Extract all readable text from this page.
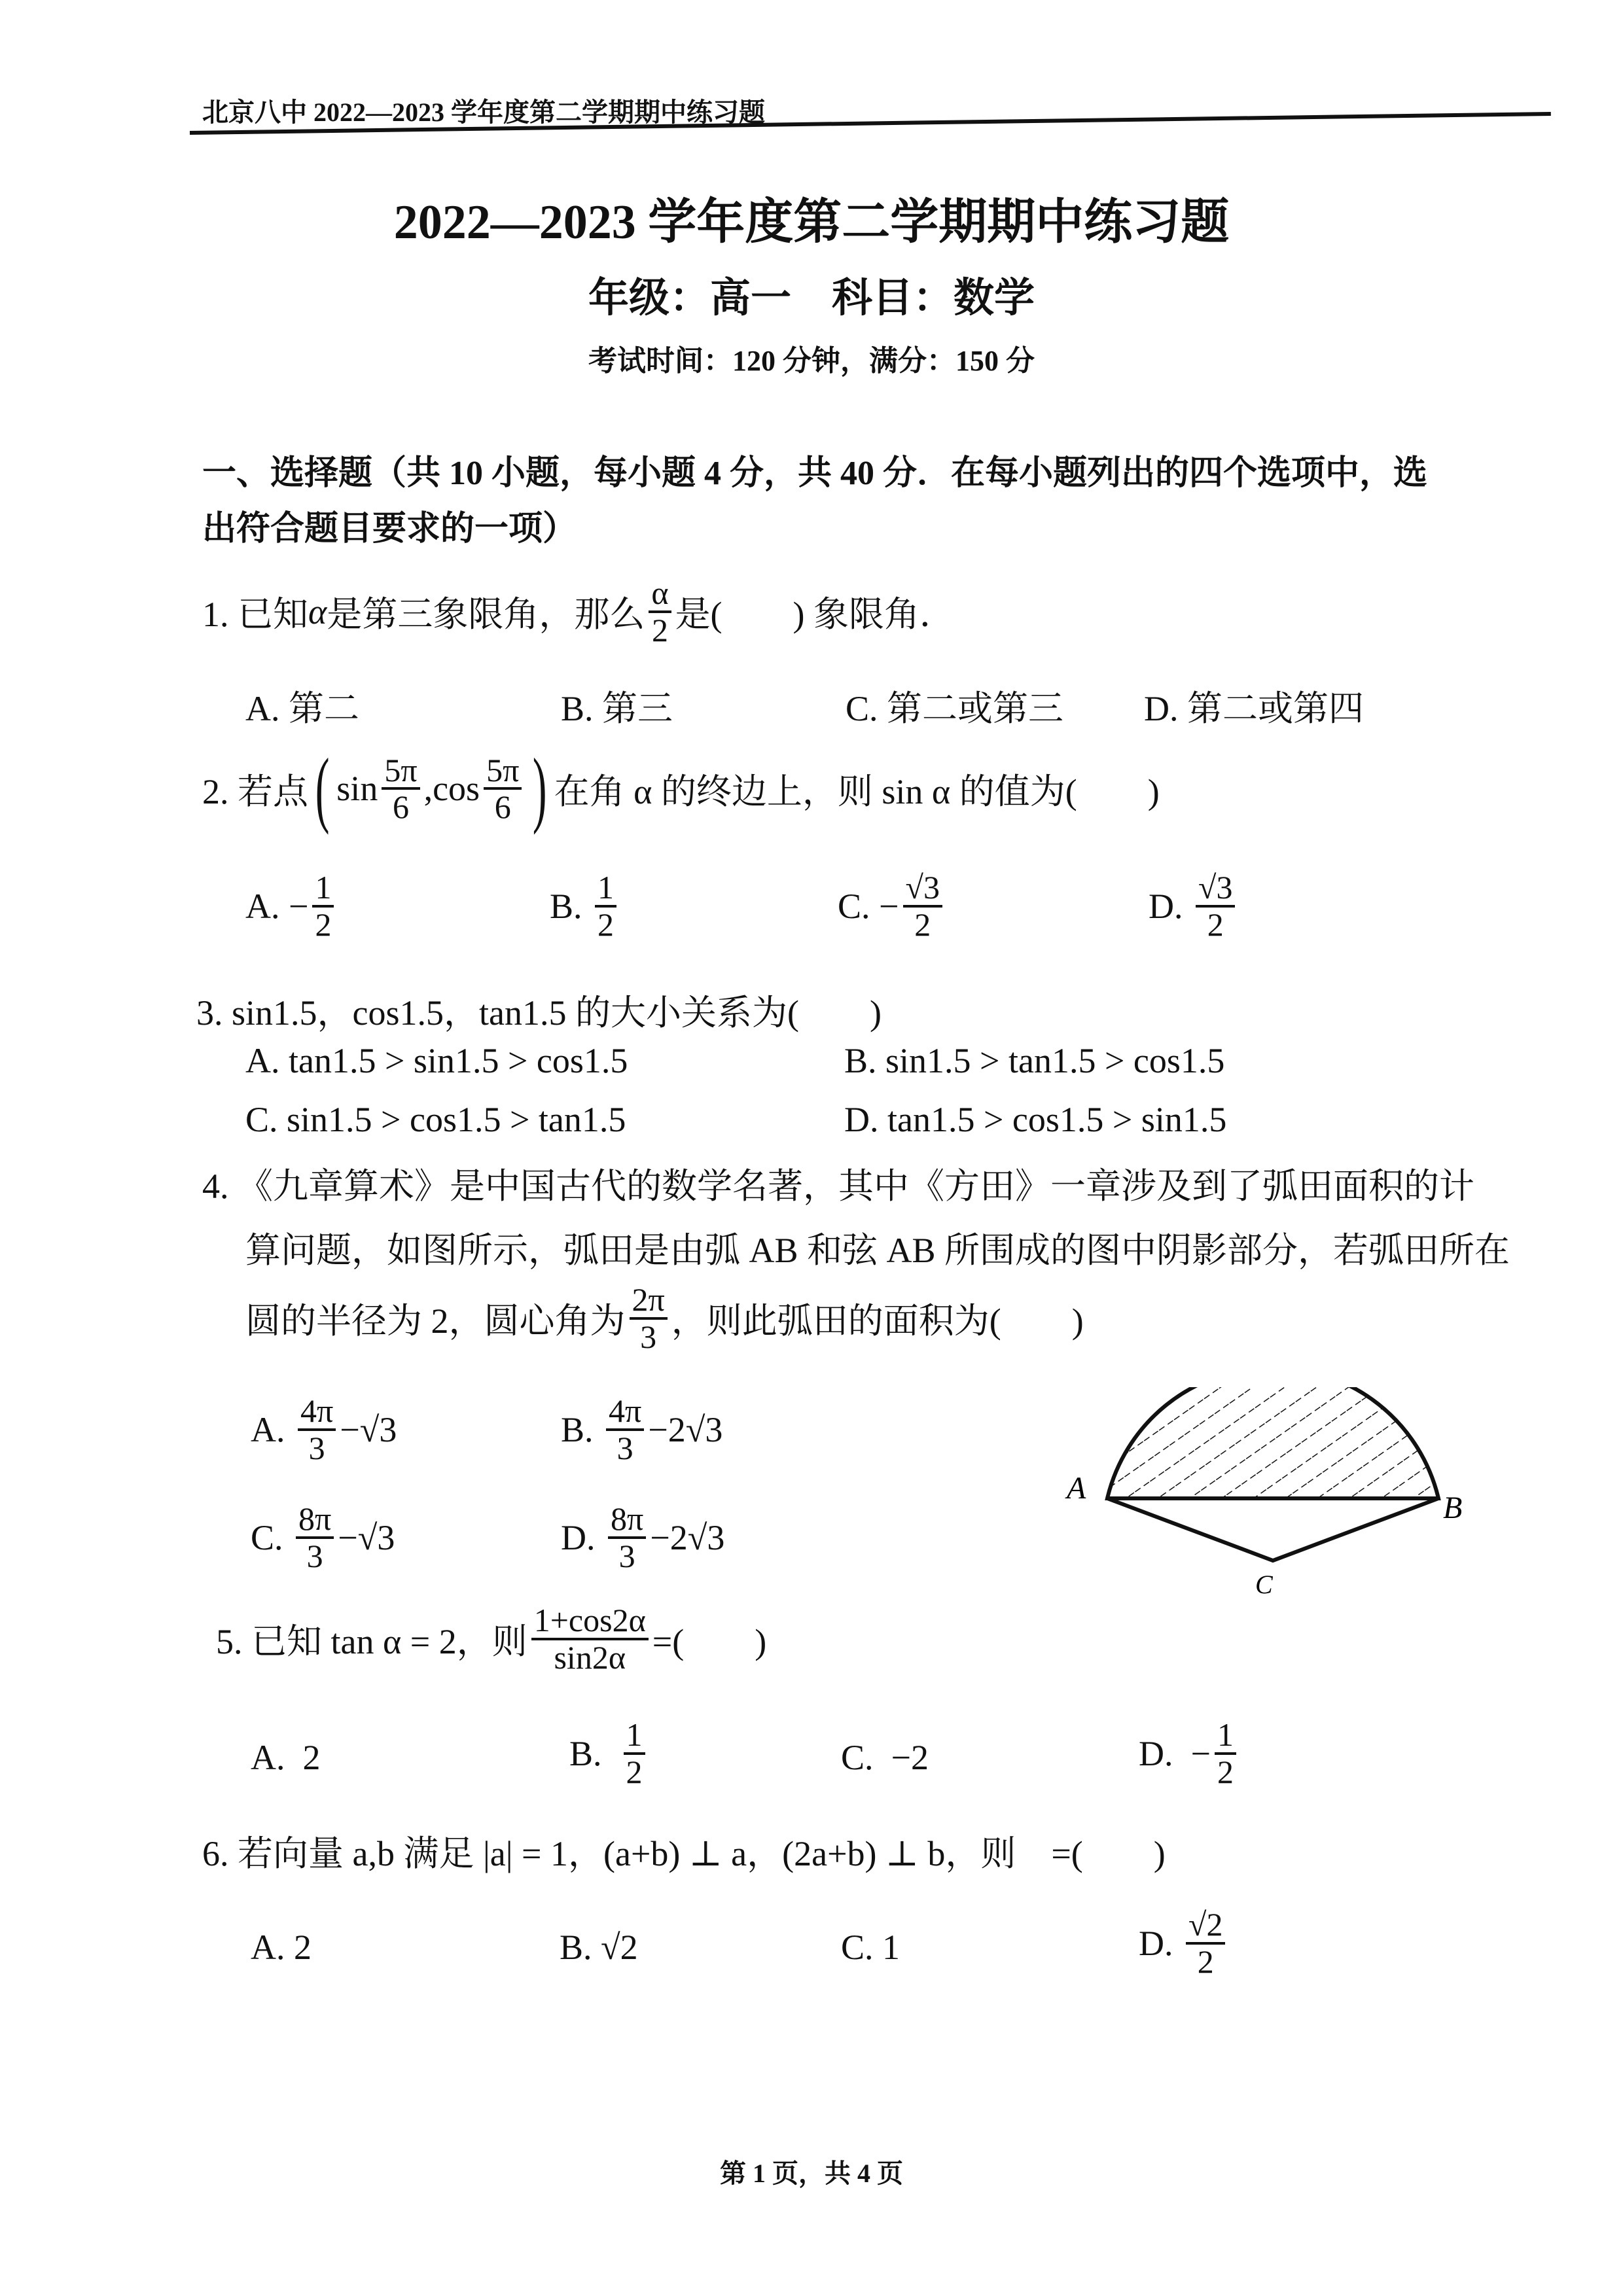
北京八中 2022—2023 学年度第二学期期中练习题
2022—2023 学年度第二学期期中练习题
年级：高一　科目：数学
考试时间：120 分钟，满分：150 分
一、选择题（共 10 小题，每小题 4 分，共 40 分．在每小题列出的四个选项中，选
出符合题目要求的一项）
1. 已知 α 是第三象限角，那么 $\frac{\alpha}{2}$ 是(　　) 象限角．
A. 第二	B. 第三	C. 第二或第三 D. 第二或第四
2. 若点 ( $\sin \frac{5\pi}{6} ,\cos \frac{5\pi}{6}$ ) 在角 α 的终边上，则 sin α 的值为(　　)
A.
− $\frac{1}{2}$	B.
$\frac{1}{2}$	C.
− $\frac{√3}{2}$	D.
$\frac{√3}{2}$
3. sin1.5，cos1.5，tan1.5 的大小关系为(　　)
A. tan1.5 > sin1.5 > cos1.5	B. sin1.5 > tan1.5 > cos1.5
C. sin1.5 > cos1.5 > tan1.5	D. tan1.5 > cos1.5 > sin1.5
4. 《九章算术》是中国古代的数学名著，其中《方田》一章涉及到了弧田面积的计
算问题，如图所示，弧田是由弧 AB 和弦 AB 所围成的图中阴影部分，若弧田所在
圆的半径为 2，圆心角为 $\frac{2\pi}{3}$ ，则此弧田的面积为(　　)
A.
$\frac{4\pi}{3} -√3$	B.
$\frac{4\pi}{3} -2√3$
C.
$\frac{8\pi}{3} -√3$	D.
$\frac{8\pi}{3} -2√3$
A
B
C
5. 已知 tan α = 2，则 $\frac{1+\cos 2\alpha}{\sin 2\alpha}$ =(　　)
A.
2	B.
$\frac{1}{2}$	C.
−2	D.
− $\frac{1}{2}$
6. 若向量 a,b 满足 |a| = 1，(a+b) ⊥ a，(2a+b) ⊥ b，则　=(　　)
A.
2	B.
√2	C.
1	D.
$\frac{√2}{2}$
第 1 页，共 4 页
